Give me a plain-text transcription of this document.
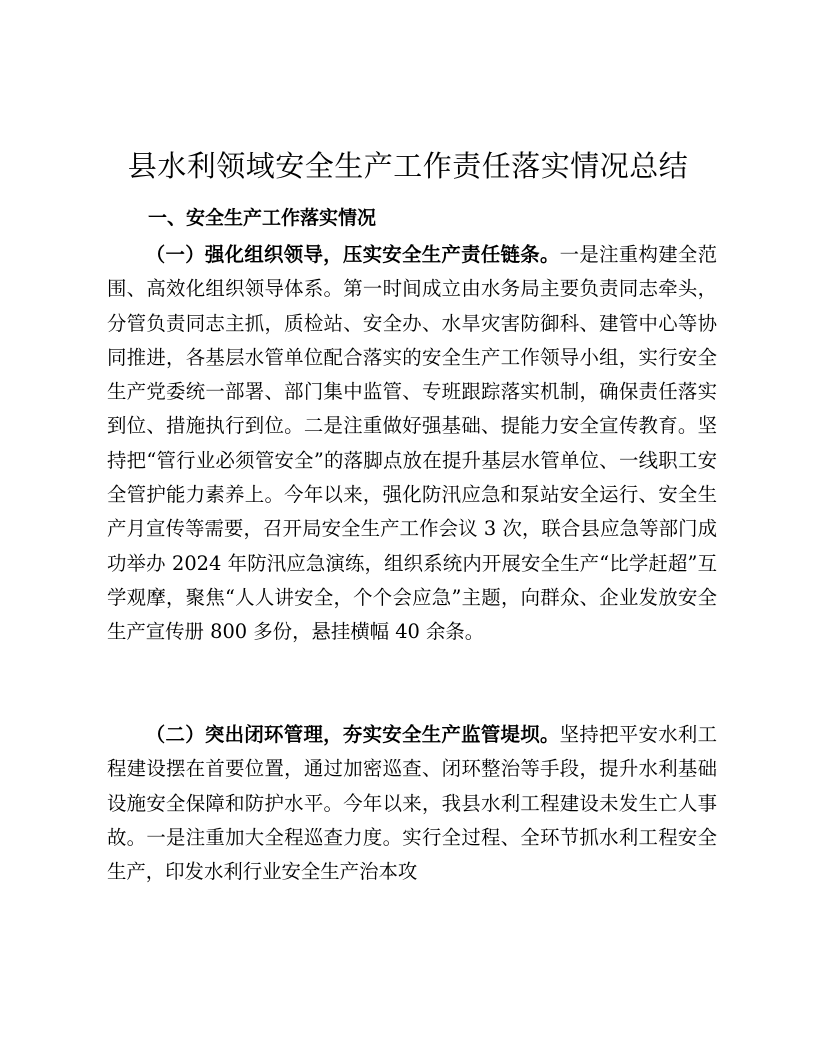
县水利领域安全生产工作责任落实情况总结
一、安全生产工作落实情况

（一）强化组织领导，压实安全生产责任链条。一是注重构建全范围、高效化组织领导体系。第一时间成立由水务局主要负责同志牵头，分管负责同志主抓，质检站、安全办、水旱灾害防御科、建管中心等协同推进，各基层水管单位配合落实的安全生产工作领导小组，实行安全生产党委统一部署、部门集中监管、专班跟踪落实机制，确保责任落实到位、措施执行到位。二是注重做好强基础、提能力安全宣传教育。坚持把“管行业必须管安全”的落脚点放在提升基层水管单位、一线职工安全管护能力素养上。今年以来，强化防汛应急和泵站安全运行、安全生产月宣传等需要，召开局安全生产工作会议 3 次，联合县应急等部门成功举办 2024 年防汛应急演练，组织系统内开展安全生产“比学赶超”互学观摩，聚焦“人人讲安全，个个会应急”主题，向群众、企业发放安全生产宣传册 800 多份，悬挂横幅 40 余条。

（二）突出闭环管理，夯实安全生产监管堤坝。坚持把平安水利工程建设摆在首要位置，通过加密巡查、闭环整治等手段，提升水利基础设施安全保障和防护水平。今年以来，我县水利工程建设未发生亡人事故。一是注重加大全程巡查力度。实行全过程、全环节抓水利工程安全生产，印发水利行业安全生产治本攻
